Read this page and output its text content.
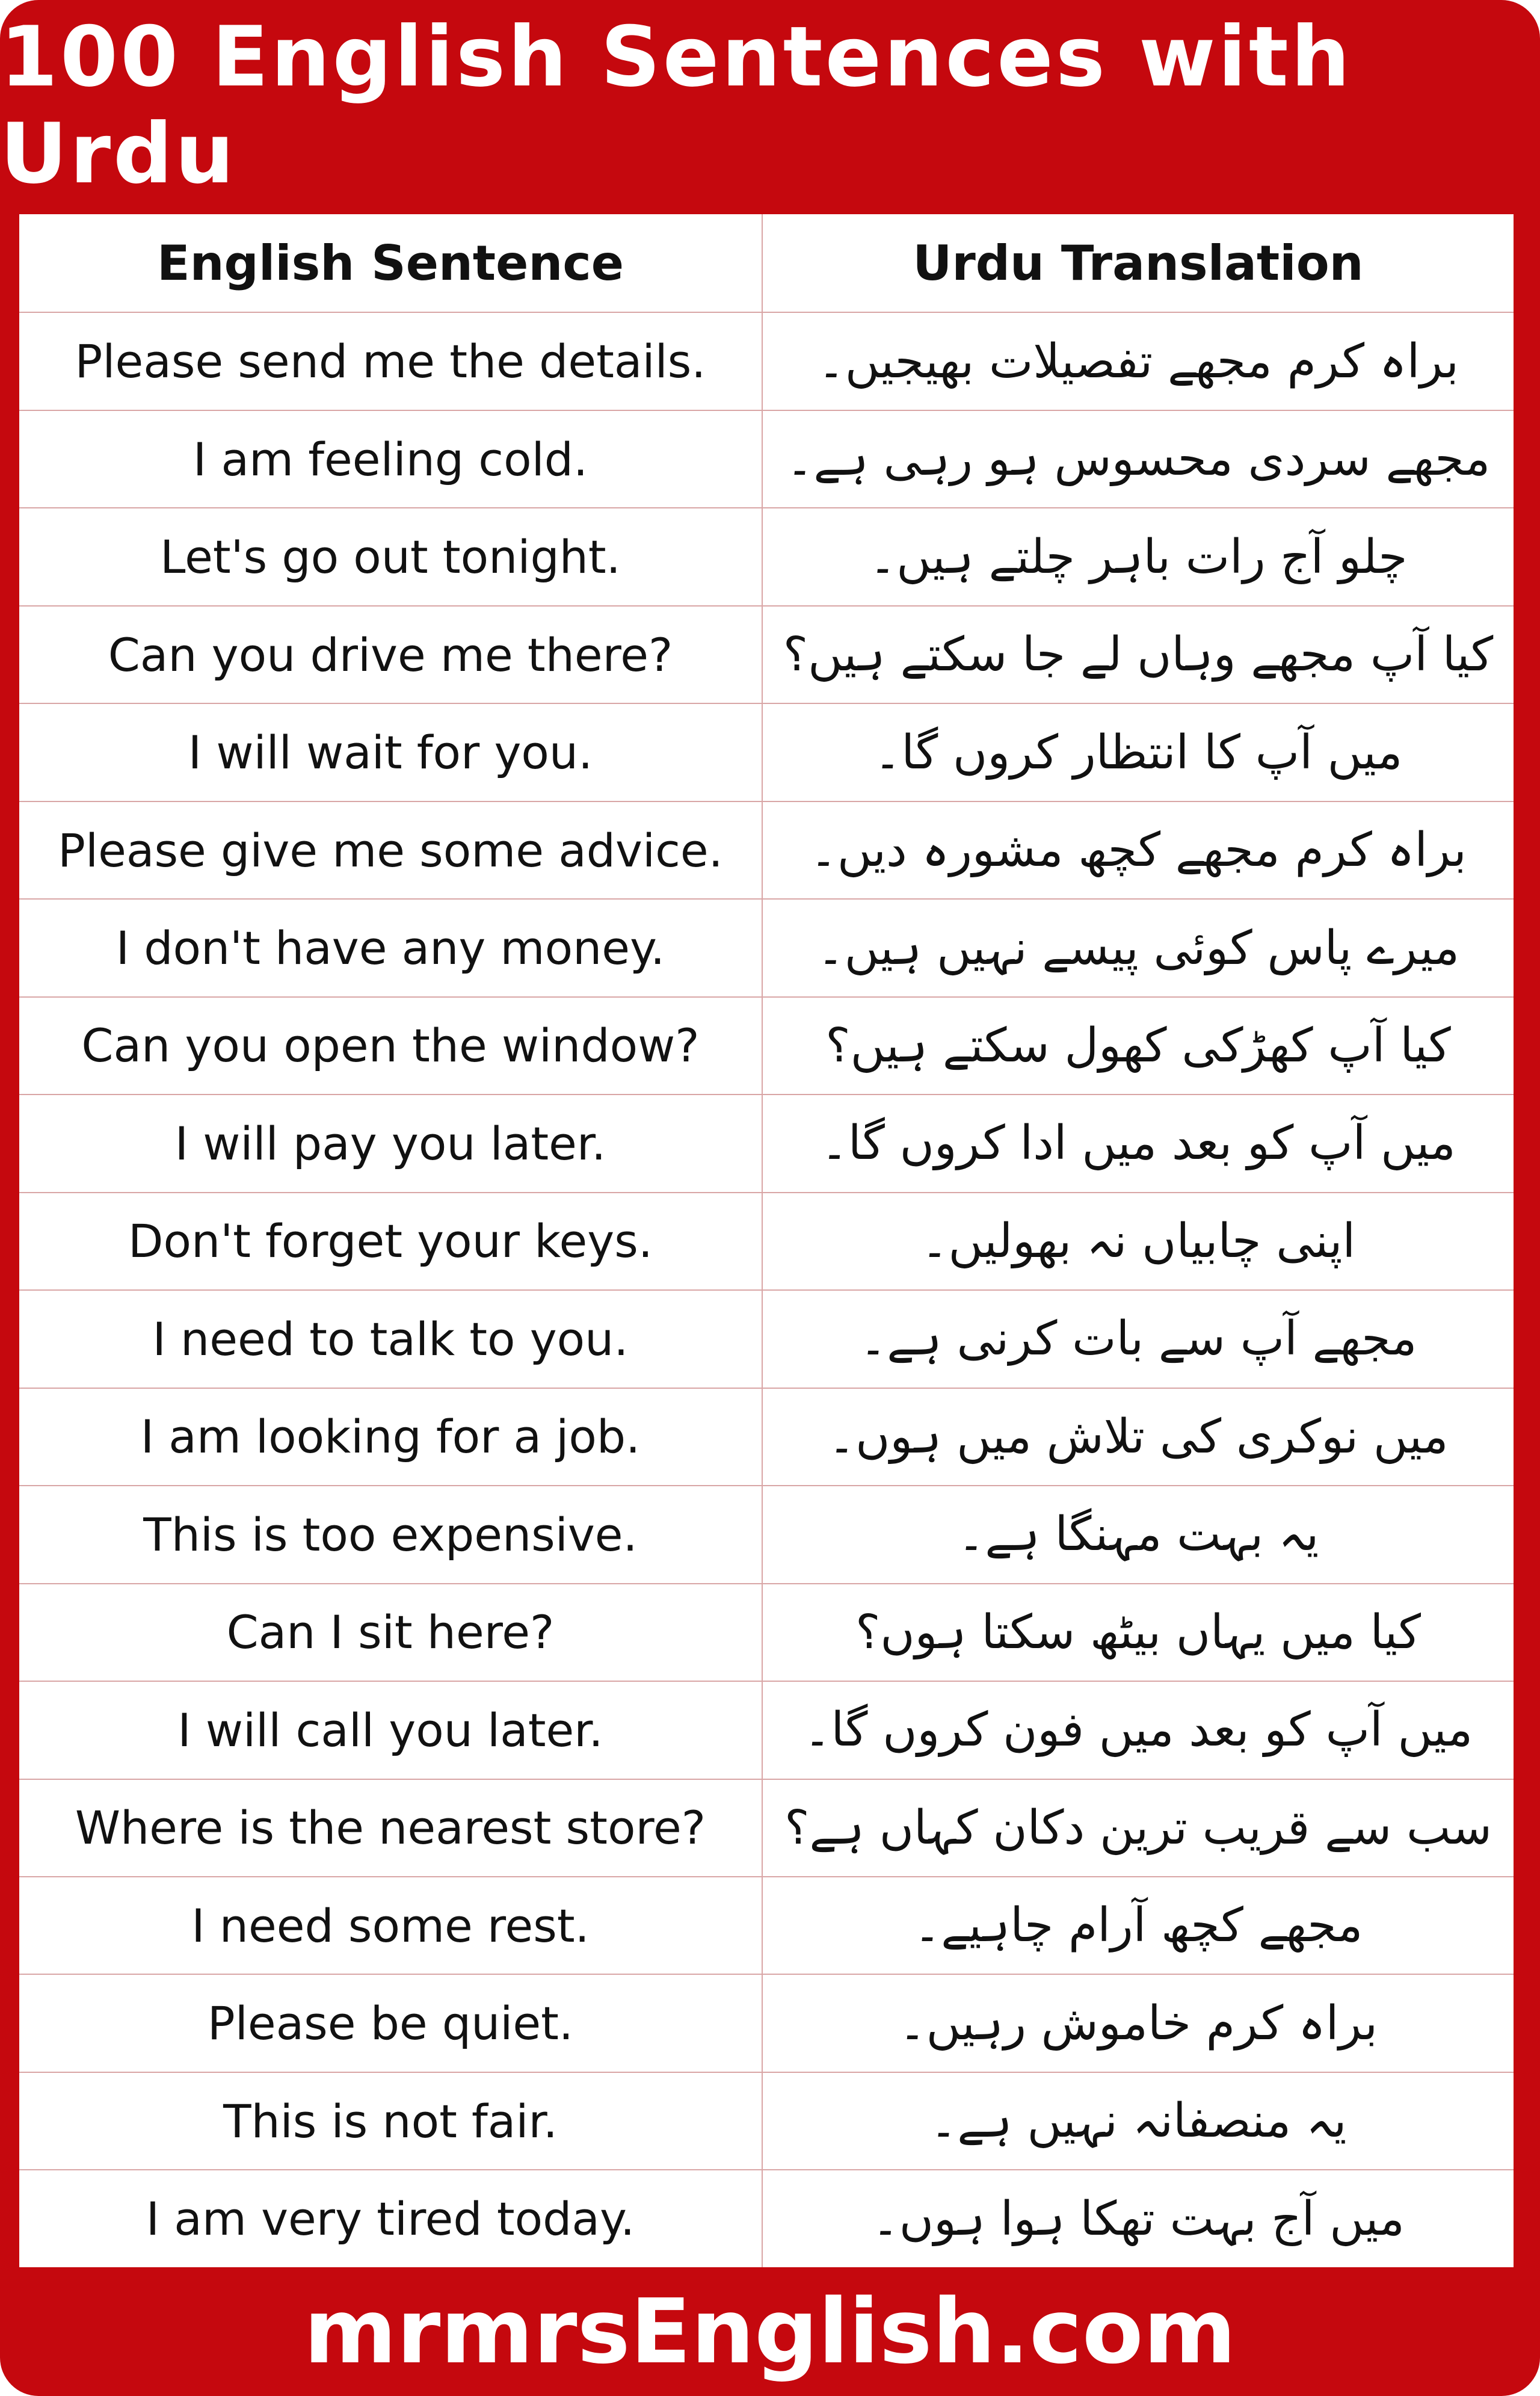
100 English Sentences with Urdu
English Sentence	Urdu Translation
Please send me the details.	براہ کرم مجھے تفصیلات بھیجیں۔
I am feeling cold.	مجھے سردی محسوس ہو رہی ہے۔
Let's go out tonight.	چلو آج رات باہر چلتے ہیں۔
Can you drive me there?	کیا آپ مجھے وہاں لے جا سکتے ہیں؟
I will wait for you.	میں آپ کا انتظار کروں گا۔
Please give me some advice.	براہ کرم مجھے کچھ مشورہ دیں۔
I don't have any money.	میرے پاس کوئی پیسے نہیں ہیں۔
Can you open the window?	کیا آپ کھڑکی کھول سکتے ہیں؟
I will pay you later.	میں آپ کو بعد میں ادا کروں گا۔
Don't forget your keys.	اپنی چابیاں نہ بھولیں۔
I need to talk to you.	مجھے آپ سے بات کرنی ہے۔
I am looking for a job.	میں نوکری کی تلاش میں ہوں۔
This is too expensive.	یہ بہت مہنگا ہے۔
Can I sit here?	کیا میں یہاں بیٹھ سکتا ہوں؟
I will call you later.	میں آپ کو بعد میں فون کروں گا۔
Where is the nearest store?	سب سے قریب ترین دکان کہاں ہے؟
I need some rest.	مجھے کچھ آرام چاہیے۔
Please be quiet.	براہ کرم خاموش رہیں۔
This is not fair.	یہ منصفانہ نہیں ہے۔
I am very tired today.	میں آج بہت تھکا ہوا ہوں۔
mrmrsEnglish.com
